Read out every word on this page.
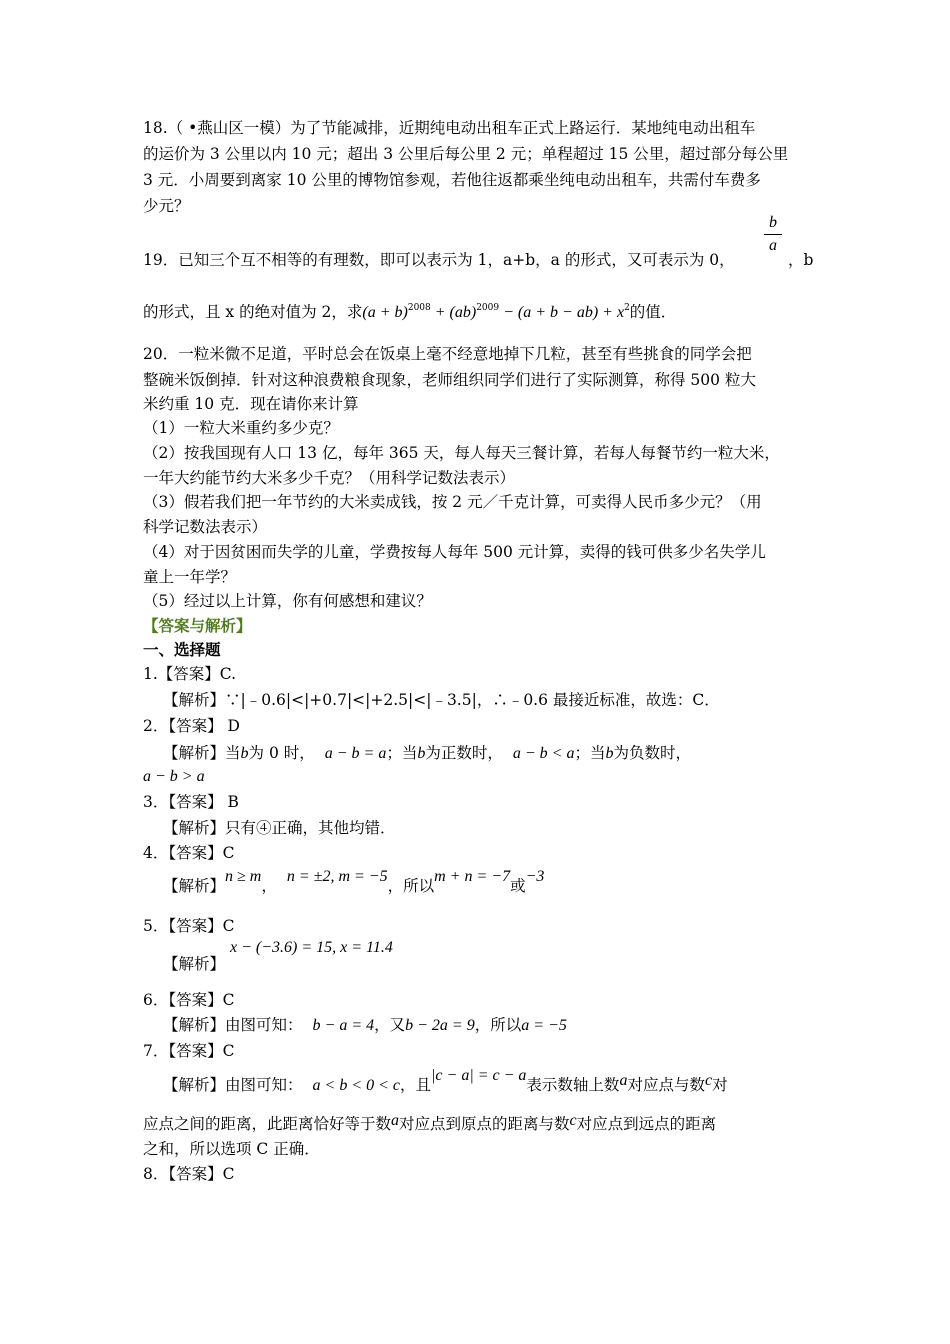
18.（ •燕山区一模）为了节能减排，近期纯电动出租车正式上路运行．某地纯电动出租车
的运价为 3 公里以内 10 元；超出 3 公里后每公里 2 元；单程超过 15 公里，超过部分每公里
3 元．小周要到离家 10 公里的博物馆参观，若他往返都乘坐纯电动出租车，共需付车费多
少元？
19．已知三个互不相等的有理数，即可以表示为 1，a+b，a 的形式，又可表示为 0，
b
a
，b
的形式，且 x 的绝对值为 2，求$(a + b)^{2008} + (ab)^{2009} - (a + b - ab) + x^2$的值．
20．一粒米微不足道，平时总会在饭桌上毫不经意地掉下几粒，甚至有些挑食的同学会把
整碗米饭倒掉．针对这种浪费粮食现象，老师组织同学们进行了实际测算，称得 500 粒大
米约重 10 克．现在请你来计算
（1）一粒大米重约多少克？
（2）按我国现有人口 13 亿，每年 365 天，每人每天三餐计算，若每人每餐节约一粒大米，
一年大约能节约大米多少千克？（用科学记数法表示）
（3）假若我们把一年节约的大米卖成钱，按 2 元／千克计算，可卖得人民币多少元？（用
科学记数法表示）
（4）对于因贫困而失学的儿童，学费按每人每年 500 元计算，卖得的钱可供多少名失学儿
童上一年学？
（5）经过以上计算，你有何感想和建议？
【答案与解析】
一、选择题
1.【答案】C.
【解析】∵|﹣0.6|<|+0.7|<|+2.5|<|﹣3.5|，∴﹣0.6 最接近标准，故选：C．
2．【答案】 D
【解析】当b为 0 时， a − b = a；当b为正数时， a − b < a；当b为负数时，
a − b > a
3．【答案】 B
【解析】只有④正确，其他均错．
4．【答案】C
【解析】n ≥ m，n = ±2, m = −5，所以m + n = −7或−3
5．【答案】C
x − (−3.6) = 15, x = 11.4
【解析】
6．【答案】C
【解析】由图可知： b − a = 4，又b − 2a = 9，所以a = −5
7．【答案】C
【解析】由图可知： a < b < 0 < c，且|c − a| = c − a表示数轴上数a对应点与数c对
应点之间的距离，此距离恰好等于数a对应点到原点的距离与数c对应点到远点的距离
之和，所以选项 C 正确．
8．【答案】C
